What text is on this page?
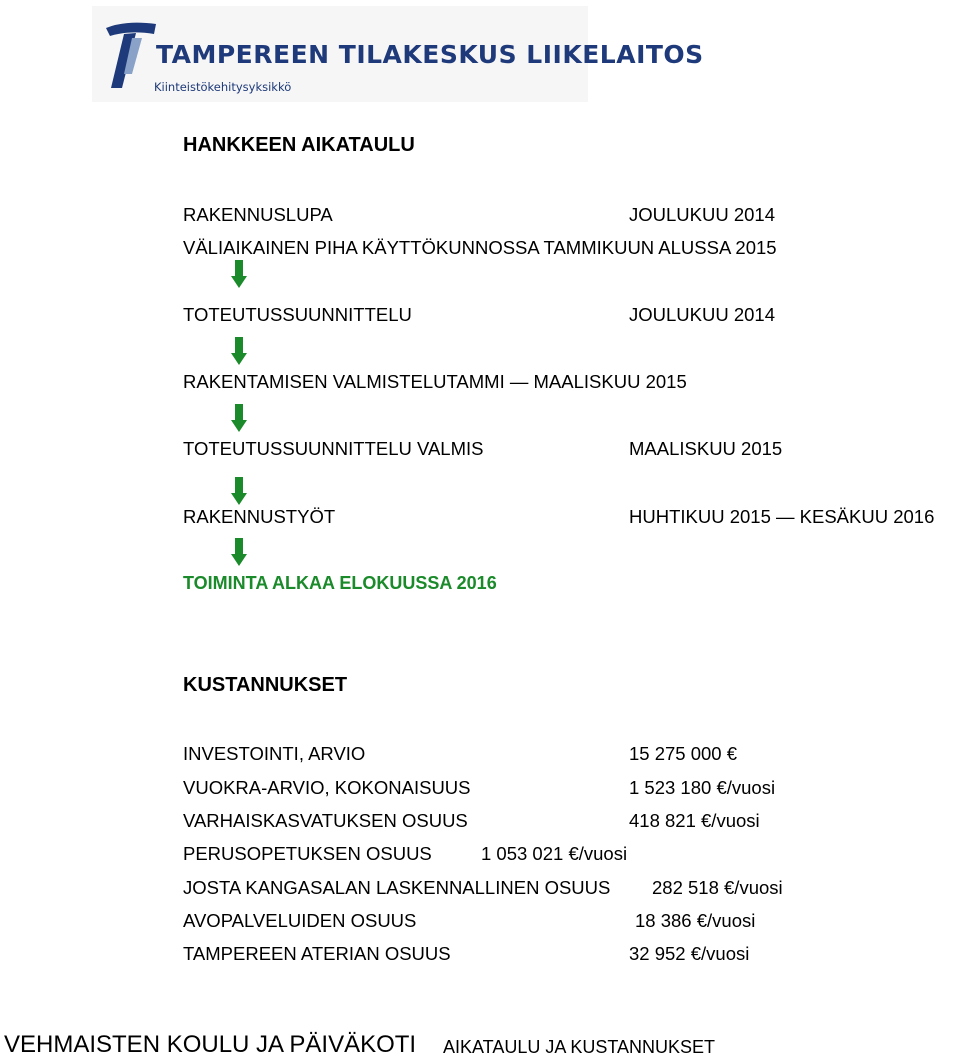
TAMPEREEN TILAKESKUS LIIKELAITOS
Kiinteistökehitysyksikkö
HANKKEEN AIKATAULU
RAKENNUSLUPA	JOULUKUU 2014
VÄLIAIKAINEN PIHA KÄYTTÖKUNNOSSA TAMMIKUUN ALUSSA 2015
TOTEUTUSSUUNNITTELU	JOULUKUU 2014
RAKENTAMISEN VALMISTELUTAMMI — MAALISKUU 2015
TOTEUTUSSUUNNITTELU VALMIS	MAALISKUU 2015
RAKENNUSTYÖT	HUHTIKUU 2015 — KESÄKUU 2016
TOIMINTA ALKAA ELOKUUSSA 2016
KUSTANNUKSET
INVESTOINTI, ARVIO	15 275 000 €
VUOKRA-ARVIO, KOKONAISUUS	1 523 180 €/vuosi
VARHAISKASVATUKSEN OSUUS	418 821 €/vuosi
PERUSOPETUKSEN OSUUS	1 053 021 €/vuosi
JOSTA KANGASALAN LASKENNALLINEN OSUUS 282 518 €/vuosi
AVOPALVELUIDEN OSUUS	18 386 €/vuosi
TAMPEREEN ATERIAN OSUUS	32 952 €/vuosi
VEHMAISTEN KOULU JA PÄIVÄKOTI AIKATAULU JA KUSTANNUKSET
